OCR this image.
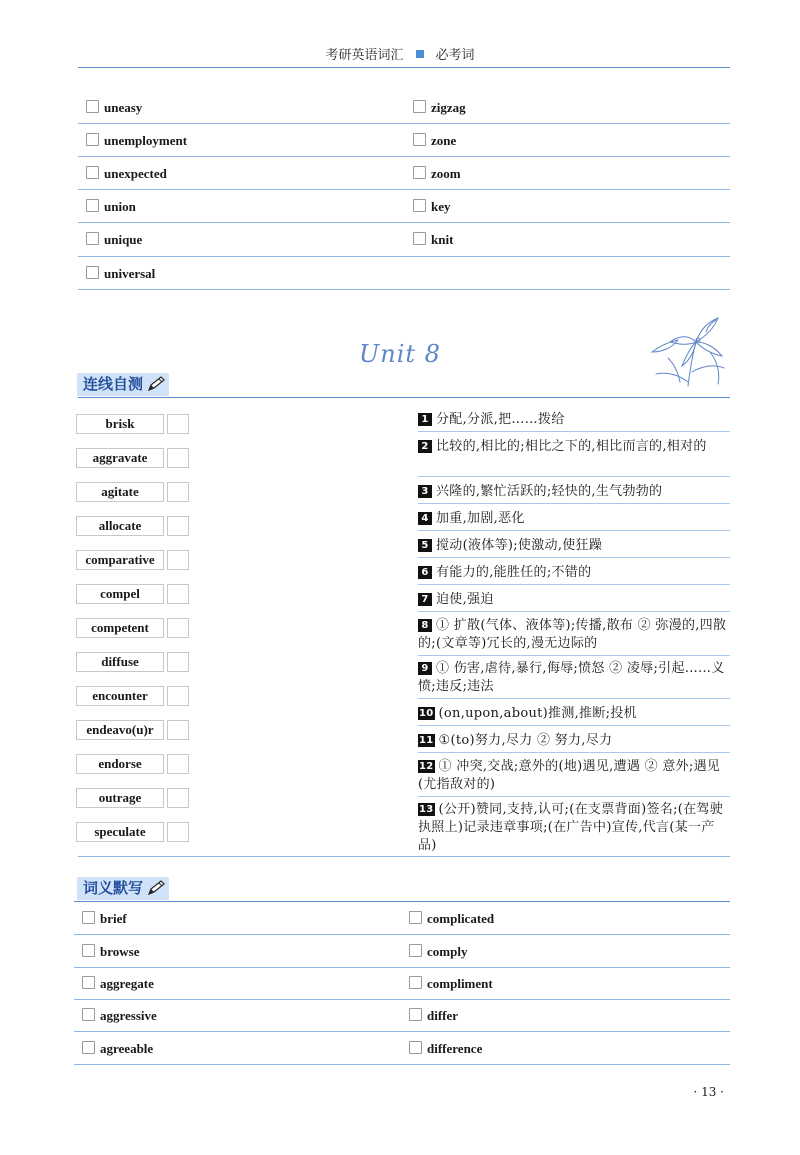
考研英语词汇 必考词
uneasy	zigzag
unemployment	zone
unexpected	zoom
union	key
unique	knit
universal
Unit 8
连线自测
brisk
aggravate
agitate
allocate
comparative
compel
competent
diffuse
encounter
endeavo(u)r
endorse
outrage
speculate
1 分配,分派,把……拨给
2 比较的,相比的;相比之下的,相比而言的,相对的
3 兴隆的,繁忙活跃的;轻快的,生气勃勃的
4 加重,加剧,恶化
5 搅动(液体等);使激动,使狂躁
6 有能力的,能胜任的;不错的
7 迫使,强迫
8 ① 扩散(气体、液体等);传播,散布 ② 弥漫的,四散的;(文章等)冗长的,漫无边际的
9 ① 伤害,虐待,暴行,侮辱;愤怒 ② 凌辱;引起……义愤;违反;违法
10 (on,upon,about)推测,推断;投机
11 ①(to)努力,尽力 ② 努力,尽力
12 ① 冲突,交战;意外的(地)遇见,遭遇 ② 意外;遇见(尤指敌对的)
13 (公开)赞同,支持,认可;(在支票背面)签名;(在驾驶执照上)记录违章事项;(在广告中)宣传,代言(某一产品)
词义默写
brief	complicated
browse	comply
aggregate	compliment
aggressive	differ
agreeable	difference
· 13 ·
